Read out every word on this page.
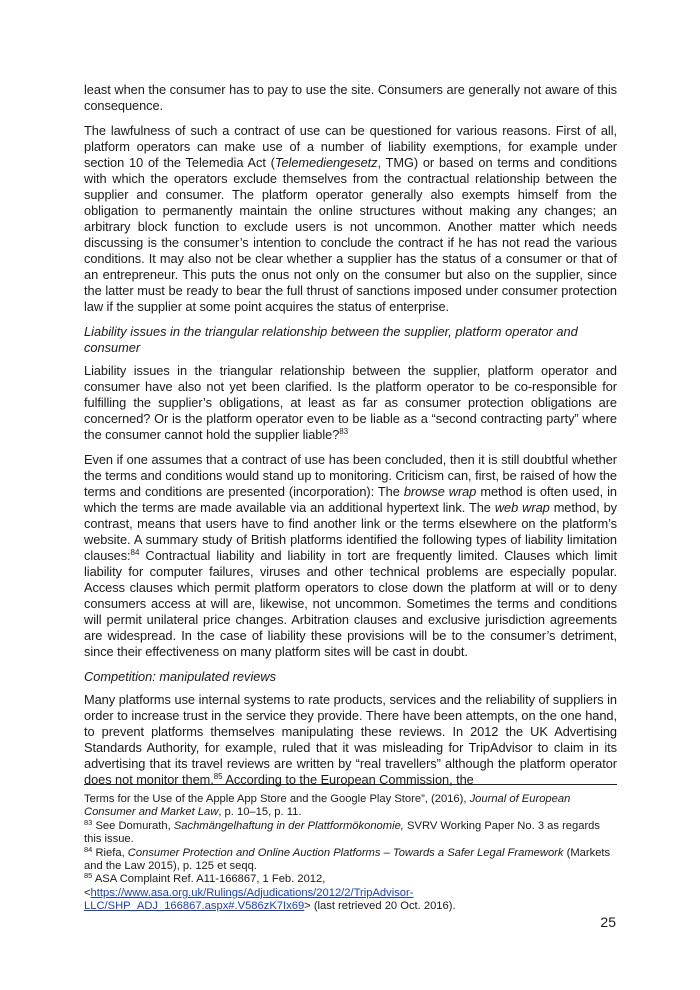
least when the consumer has to pay to use the site. Consumers are generally not aware of this consequence.

The lawfulness of such a contract of use can be questioned for various reasons. First of all, platform operators can make use of a number of liability exemptions, for example under section 10 of the Telemedia Act (Telemediengesetz, TMG) or based on terms and conditions with which the operators exclude themselves from the contractual relationship between the supplier and consumer. The platform operator generally also exempts himself from the obligation to permanently maintain the online structures without making any changes; an arbitrary block function to exclude users is not uncommon. Another matter which needs discussing is the consumer’s intention to conclude the contract if he has not read the various conditions. It may also not be clear whether a supplier has the status of a consumer or that of an entrepreneur. This puts the onus not only on the consumer but also on the supplier, since the latter must be ready to bear the full thrust of sanctions imposed under consumer protection law if the supplier at some point acquires the status of enterprise.

Liability issues in the triangular relationship between the supplier, platform operator and consumer

Liability issues in the triangular relationship between the supplier, platform operator and consumer have also not yet been clarified. Is the platform operator to be co-responsible for fulfilling the supplier’s obligations, at least as far as consumer protection obligations are concerned? Or is the platform operator even to be liable as a “second contracting party” where the consumer cannot hold the supplier liable?$^{83}$

Even if one assumes that a contract of use has been concluded, then it is still doubtful whether the terms and conditions would stand up to monitoring. Criticism can, first, be raised of how the terms and conditions are presented (incorporation): The browse wrap method is often used, in which the terms are made available via an additional hypertext link. The web wrap method, by contrast, means that users have to find another link or the terms elsewhere on the platform’s website. A summary study of British platforms identified the following types of liability limitation clauses:$^{84}$ Contractual liability and liability in tort are frequently limited. Clauses which limit liability for computer failures, viruses and other technical problems are especially popular. Access clauses which permit platform operators to close down the platform at will or to deny consumers access at will are, likewise, not uncommon. Sometimes the terms and conditions will permit unilateral price changes. Arbitration clauses and exclusive jurisdiction agreements are widespread. In the case of liability these provisions will be to the consumer’s detriment, since their effectiveness on many platform sites will be cast in doubt.

Competition: manipulated reviews

Many platforms use internal systems to rate products, services and the reliability of suppliers in order to increase trust in the service they provide. There have been attempts, on the one hand, to prevent platforms themselves manipulating these reviews. In 2012 the UK Advertising Standards Authority, for example, ruled that it was misleading for TripAdvisor to claim in its advertising that its travel reviews are written by “real travellers” although the platform operator does not monitor them.$^{85}$ According to the European Commission, the

Terms for the Use of the Apple App Store and the Google Play Store”, (2016), Journal of European Consumer and Market Law, p. 10–15, p. 11.

$^{83}$ See Domurath, Sachmängelhaftung in der Plattformökonomie, SVRV Working Paper No. 3 as regards this issue.

$^{84}$ Riefa, Consumer Protection and Online Auction Platforms – Towards a Safer Legal Framework (Markets and the Law 2015), p. 125 et seqq.

$^{85}$ ASA Complaint Ref. A11-166867, 1 Feb. 2012,
<https://www.asa.org.uk/Rulings/Adjudications/2012/2/TripAdvisor-LLC/SHP_ADJ_166867.aspx#.V586zK7Ix69> (last retrieved 20 Oct. 2016).

25
